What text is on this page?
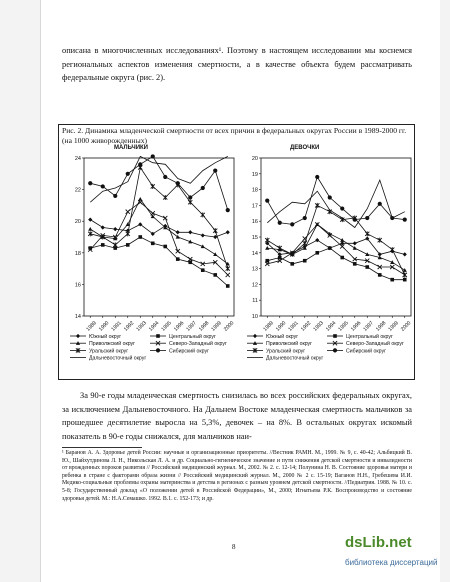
описана в многочисленных исследованиях¹. Поэтому в настоящем исследовании мы коснемся региональных аспектов изменения смертности, а в качестве объекта будем рассматривать федеральные округа (рис. 2).

Рис. 2. Динамика младенческой смертности от всех причин в федеральных округах России в 1989-2000 гг. (на 1000 живорожденных)

МАЛЬЧИКИ	ДЕВОЧКИ
14
16
18
20
22
24
1989 1990 1991 1992 1993 1994 1995 1996 1997 1998 1999 2000
Южный округ	Центральный округ
Приволжский округ	Северо-Западный округ
Уральский округ	Сибирский округ
Дальневосточный округ
10
11
12
13
14
15
16
17
18
19
20
1989 1990 1991 1992 1993 1994 1995 1996 1997 1998 1999 2000
Южный округ	Центральный округ
Приволжский округ	Северо-Западный округ
Уральский округ	Сибирский округ
Дальневосточный округ

За 90-е годы младенческая смертность снизилась во всех российских федеральных округах, за исключением Дальневосточного. На Дальнем Востоке младенческая смертность мальчиков за прошедшее десятилетие выросла на 5,3%, девочек – на 8%. В остальных округах искомый показатель в 90-е годы снижался, для мальчиков наи-

¹ Баранов А. А. Здоровье детей России: научные и организационные приоритеты. //Вестник РАМН. М., 1999. № 9, с. 40-42; Альбицкий В. Ю., Шайхутдинова Л. Н., Никольская Л. А. и др. Социально-гигиеническое значение и пути снижения детской смертности и инвалидности от врожденных пороков развития // Российский медицинский журнал. М., 2002. № 2. с. 12-14; Полунина Н. В. Состояние здоровья матери и ребенка в стране с факторами образа жизни // Российский медицинский журнал. М., 2000 № 2 с. 15-19; Ваганов Н.Н., Гребешева И.И. Медико-социальные проблемы охраны материнства и детства в регионах с разным уровнем детской смертности. //Педиатрия. 1988. № 10. с. 5-8; Государственный доклад «О положении детей в Российской Федерации», М., 2000; Игнатьева Р.К. Воспроизводство и состояние здоровья детей. М.: Н.А.Семашко. 1992. В.1. с. 152-173; и др.

8	dsLib.net
библиотека диссертаций
